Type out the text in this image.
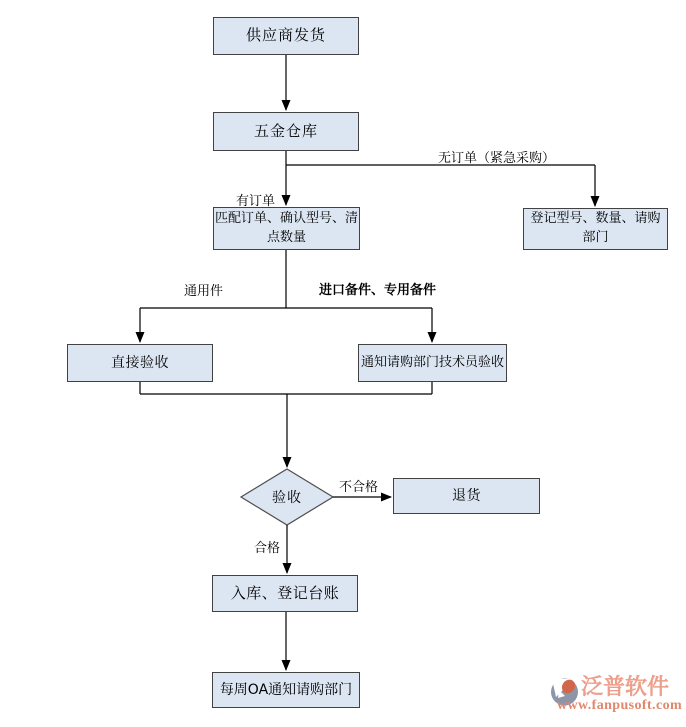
供应商发货
五金仓库
匹配订单、确认型号、清点数量
登记型号、数量、请购部门
直接验收	通知请购部门技术员验收
验收	退货
入库、登记台账
每周OA通知请购部门
无订单（紧急采购）
有订单
通用件	进口备件、专用备件
不合格
合格
泛普软件
www.fanpusoft.com
